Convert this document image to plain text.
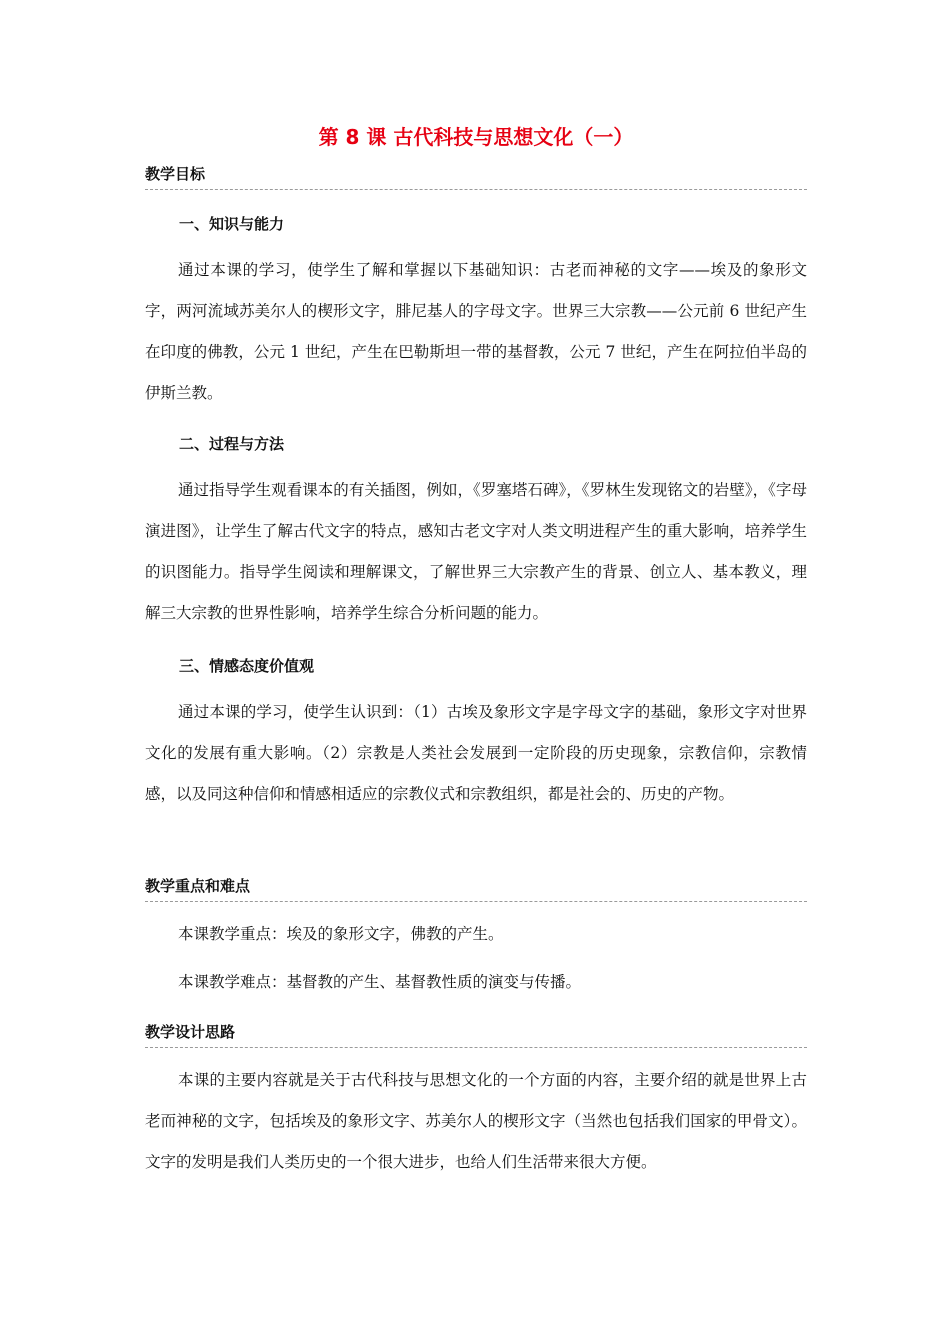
第 8 课 古代科技与思想文化（一）
教学目标
一、知识与能力

通过本课的学习，使学生了解和掌握以下基础知识：古老而神秘的文字——埃及的象形文字，两河流域苏美尔人的楔形文字，腓尼基人的字母文字。世界三大宗教——公元前 6 世纪产生在印度的佛教，公元 1 世纪，产生在巴勒斯坦一带的基督教，公元 7 世纪，产生在阿拉伯半岛的伊斯兰教。

二、过程与方法

通过指导学生观看课本的有关插图，例如，《罗塞塔石碑》，《罗林生发现铭文的岩壁》，《字母演进图》，让学生了解古代文字的特点，感知古老文字对人类文明进程产生的重大影响，培养学生的识图能力。指导学生阅读和理解课文，了解世界三大宗教产生的背景、创立人、基本教义，理解三大宗教的世界性影响，培养学生综合分析问题的能力。

三、情感态度价值观

通过本课的学习，使学生认识到：（1）古埃及象形文字是字母文字的基础，象形文字对世界文化的发展有重大影响。（2）宗教是人类社会发展到一定阶段的历史现象，宗教信仰，宗教情感，以及同这种信仰和情感相适应的宗教仪式和宗教组织，都是社会的、历史的产物。

教学重点和难点

本课教学重点：埃及的象形文字，佛教的产生。

本课教学难点：基督教的产生、基督教性质的演变与传播。

教学设计思路

本课的主要内容就是关于古代科技与思想文化的一个方面的内容，主要介绍的就是世界上古老而神秘的文字，包括埃及的象形文字、苏美尔人的楔形文字（当然也包括我们国家的甲骨文）。文字的发明是我们人类历史的一个很大进步，也给人们生活带来很大方便。
